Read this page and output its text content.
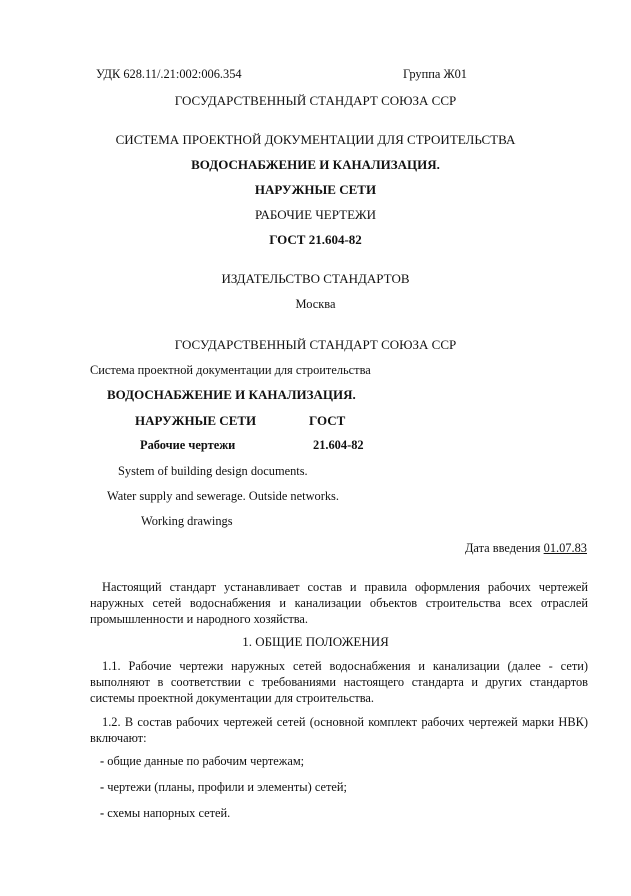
УДК 628.11/.21:002:006.354	Группа Ж01
ГОСУДАРСТВЕННЫЙ СТАНДАРТ СОЮЗА ССР
СИСТЕМА ПРОЕКТНОЙ ДОКУМЕНТАЦИИ ДЛЯ СТРОИТЕЛЬСТВА
ВОДОСНАБЖЕНИЕ И КАНАЛИЗАЦИЯ.
НАРУЖНЫЕ СЕТИ
РАБОЧИЕ ЧЕРТЕЖИ
ГОСТ 21.604-82
ИЗДАТЕЛЬСТВО СТАНДАРТОВ
Москва
ГОСУДАРСТВЕННЫЙ СТАНДАРТ СОЮЗА ССР
Система проектной документации для строительства
ВОДОСНАБЖЕНИЕ И КАНАЛИЗАЦИЯ.
НАРУЖНЫЕ СЕТИ	ГОСТ
Рабочие чертежи	21.604-82
System of building design documents.
Water supply and sewerage. Outside networks.
Working drawings
Дата введения 01.07.83
Настоящий стандарт устанавливает состав и правила оформления рабочих чертежей наружных сетей водоснабжения и канализации объектов строительства всех отраслей промышленности и народного хозяйства.
1. ОБЩИЕ ПОЛОЖЕНИЯ
1.1. Рабочие чертежи наружных сетей водоснабжения и канализации (далее - сети) выполняют в соответствии с требованиями настоящего стандарта и других стандартов системы проектной документации для строительства.
1.2. В состав рабочих чертежей сетей (основной комплект рабочих чертежей марки НВК) включают:
- общие данные по рабочим чертежам;
- чертежи (планы, профили и элементы) сетей;
- схемы напорных сетей.
